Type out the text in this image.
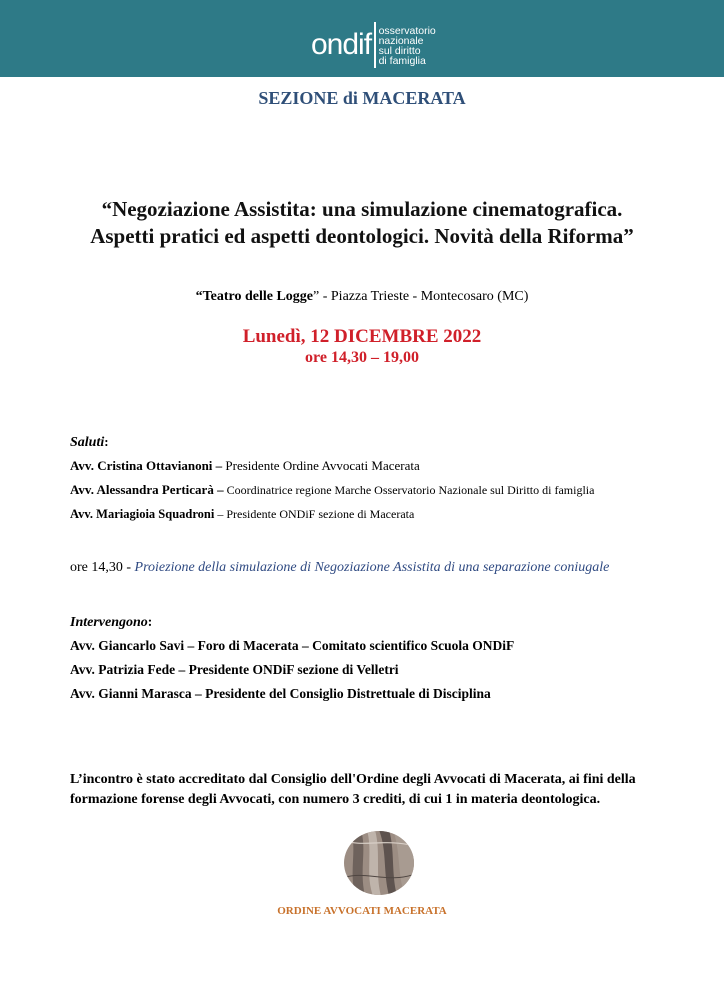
ondif osservatorio
nazionale
sul diritto
di famiglia
SEZIONE di MACERATA
“Negoziazione Assistita: una simulazione cinematografica.
Aspetti pratici ed aspetti deontologici. Novità della Riforma”
“Teatro delle Logge” - Piazza Trieste - Montecosaro (MC)
Lunedì, 12 DICEMBRE 2022
ore 14,30 – 19,00
Saluti:
Avv. Cristina Ottavianoni – Presidente Ordine Avvocati Macerata
Avv. Alessandra Perticarà – Coordinatrice regione Marche Osservatorio Nazionale sul Diritto di famiglia
Avv. Mariagioia Squadroni – Presidente ONDiF sezione di Macerata
ore 14,30 - Proiezione della simulazione di Negoziazione Assistita di una separazione coniugale
Intervengono:
Avv. Giancarlo Savi – Foro di Macerata – Comitato scientifico Scuola ONDiF
Avv. Patrizia Fede – Presidente ONDiF sezione di Velletri
Avv. Gianni Marasca – Presidente del Consiglio Distrettuale di Disciplina
L’incontro è stato accreditato dal Consiglio dell'Ordine degli Avvocati di Macerata, ai fini della formazione forense degli Avvocati, con numero 3 crediti, di cui 1 in materia deontologica.
ORDINE AVVOCATI MACERATA
